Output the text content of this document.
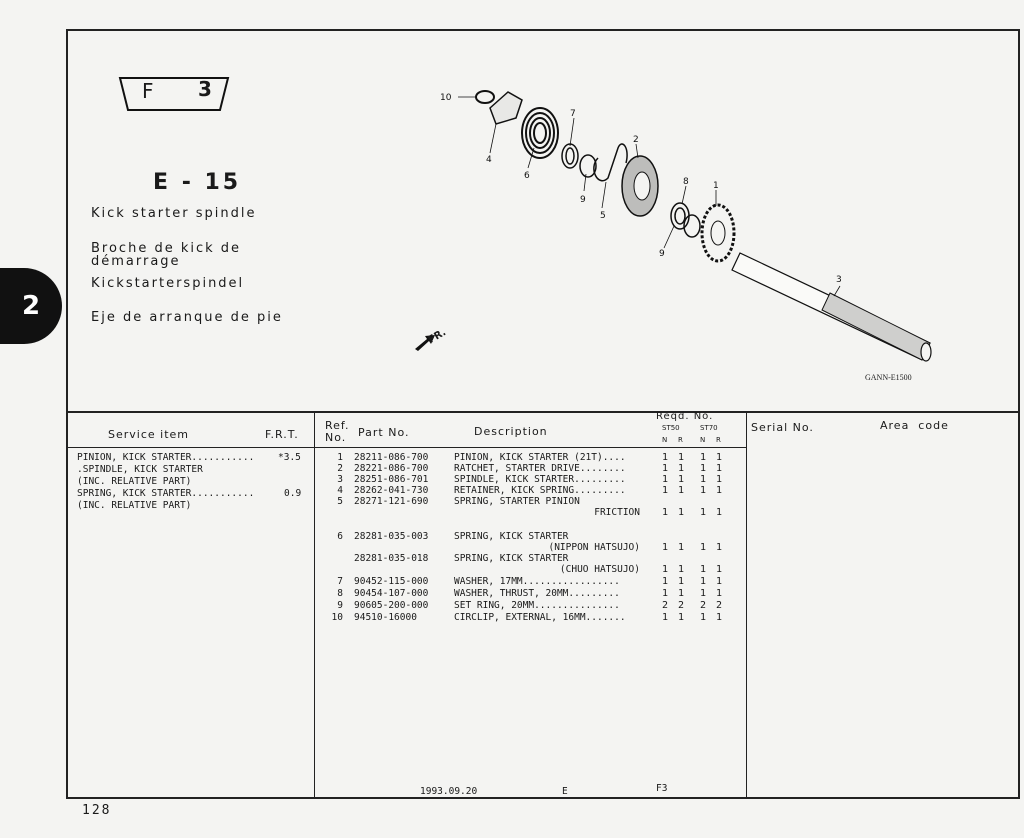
2
F 3
E - 15
Kick starter spindle
Broche de kick de démarrage
Kickstarterspindel
Eje de arranque de pie
10
4
6
7
9
5
2
8	1
9
3
FR.
GANN-E1500
Service item	F.R.T.
Ref.
No. Part No.	Description
Reqd. No.
ST50	ST70
N R N R
Serial No.	Area  code
PINION, KICK STARTER........... *3.5
.SPINDLE, KICK STARTER
(INC. RELATIVE PART)
SPRING, KICK STARTER...........	0.9
(INC. RELATIVE PART)
1 28211-086-700	PINION, KICK STARTER (21T)....	1 1	1 1
2 28221-086-700	RATCHET, STARTER DRIVE........	1 1	1 1
3 28251-086-701	SPINDLE, KICK STARTER.........	1 1	1 1
4 28262-041-730	RETAINER, KICK SPRING.........	1 1	1 1
5 28271-121-690	SPRING, STARTER PINION
FRICTION	1 1	1 1
6 28281-035-003	SPRING, KICK STARTER
(NIPPON HATSUJO)	1 1	1 1
28281-035-018	SPRING, KICK STARTER
(CHUO HATSUJO)	1 1	1 1
7 90452-115-000	WASHER, 17MM.................	1 1	1 1
8 90454-107-000	WASHER, THRUST, 20MM.........	1 1	1 1
9 90605-200-000	SET RING, 20MM...............	2 2	2 2
10 94510-16000	CIRCLIP, EXTERNAL, 16MM.......	1 1	1 1
1993.09.20	E	F3
128
